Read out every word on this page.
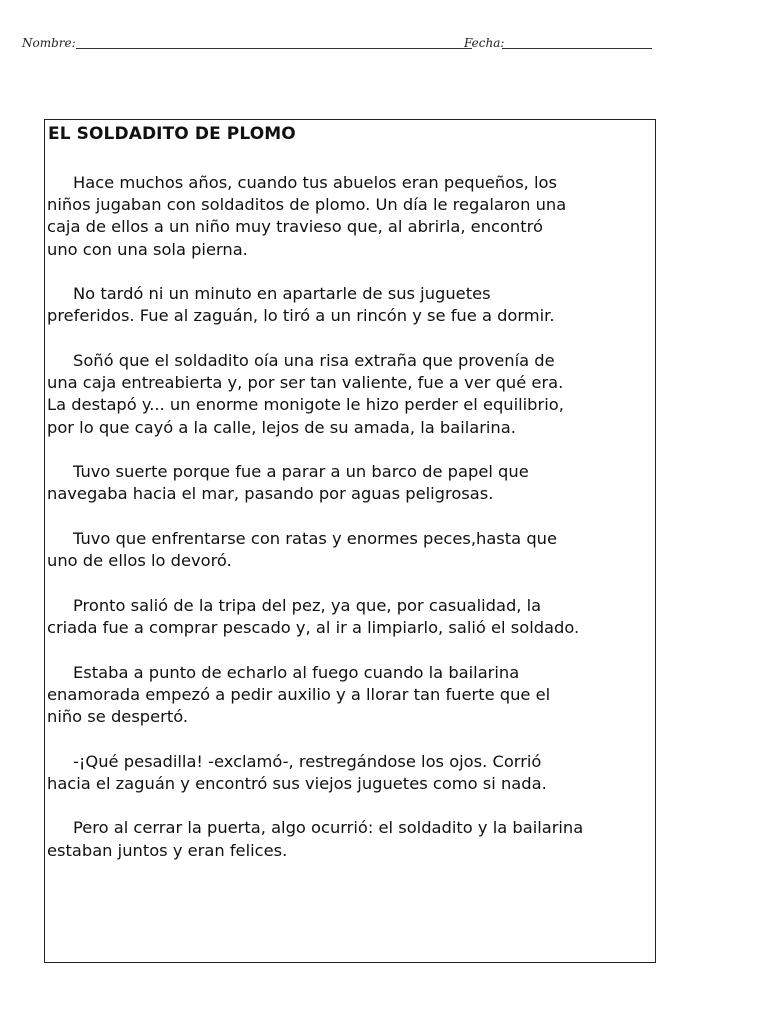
Nombre:	Fecha:
EL SOLDADITO DE PLOMO

Hace muchos años, cuando tus abuelos eran pequeños, los
niños jugaban con soldaditos de plomo. Un día le regalaron una
caja de ellos a un niño muy travieso que, al abrirla, encontró
uno con una sola pierna.

No tardó ni un minuto en apartarle de sus juguetes
preferidos. Fue al zaguán, lo tiró a un rincón y se fue a dormir.

Soñó que el soldadito oía una risa extraña que provenía de
una caja entreabierta y, por ser tan valiente, fue a ver qué era.
La destapó y... un enorme monigote le hizo perder el equilibrio,
por lo que cayó a la calle, lejos de su amada, la bailarina.

Tuvo suerte porque fue a parar a un barco de papel que
navegaba hacia el mar, pasando por aguas peligrosas.

Tuvo que enfrentarse con ratas y enormes peces,hasta que
uno de ellos lo devoró.

Pronto salió de la tripa del pez, ya que, por casualidad, la
criada fue a comprar pescado y, al ir a limpiarlo, salió el soldado.

Estaba a punto de echarlo al fuego cuando la bailarina
enamorada empezó a pedir auxilio y a llorar tan fuerte que el
niño se despertó.

-¡Qué pesadilla! -exclamó-, restregándose los ojos. Corrió
hacia el zaguán y encontró sus viejos juguetes como si nada.

Pero al cerrar la puerta, algo ocurrió: el soldadito y la bailarina
estaban juntos y eran felices.
